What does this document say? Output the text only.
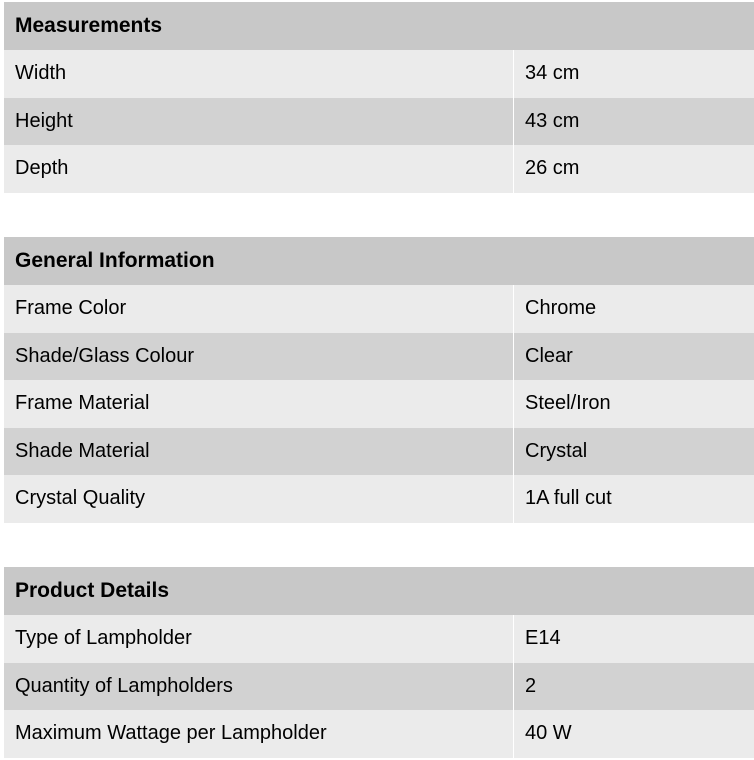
Measurements
Width	34 cm
Height	43 cm
Depth	26 cm
General Information
Frame Color	Chrome
Shade/Glass Colour	Clear
Frame Material	Steel/Iron
Shade Material	Crystal
Crystal Quality	1A full cut
Product Details
Type of Lampholder	E14
Quantity of Lampholders	2
Maximum Wattage per Lampholder	40 W
